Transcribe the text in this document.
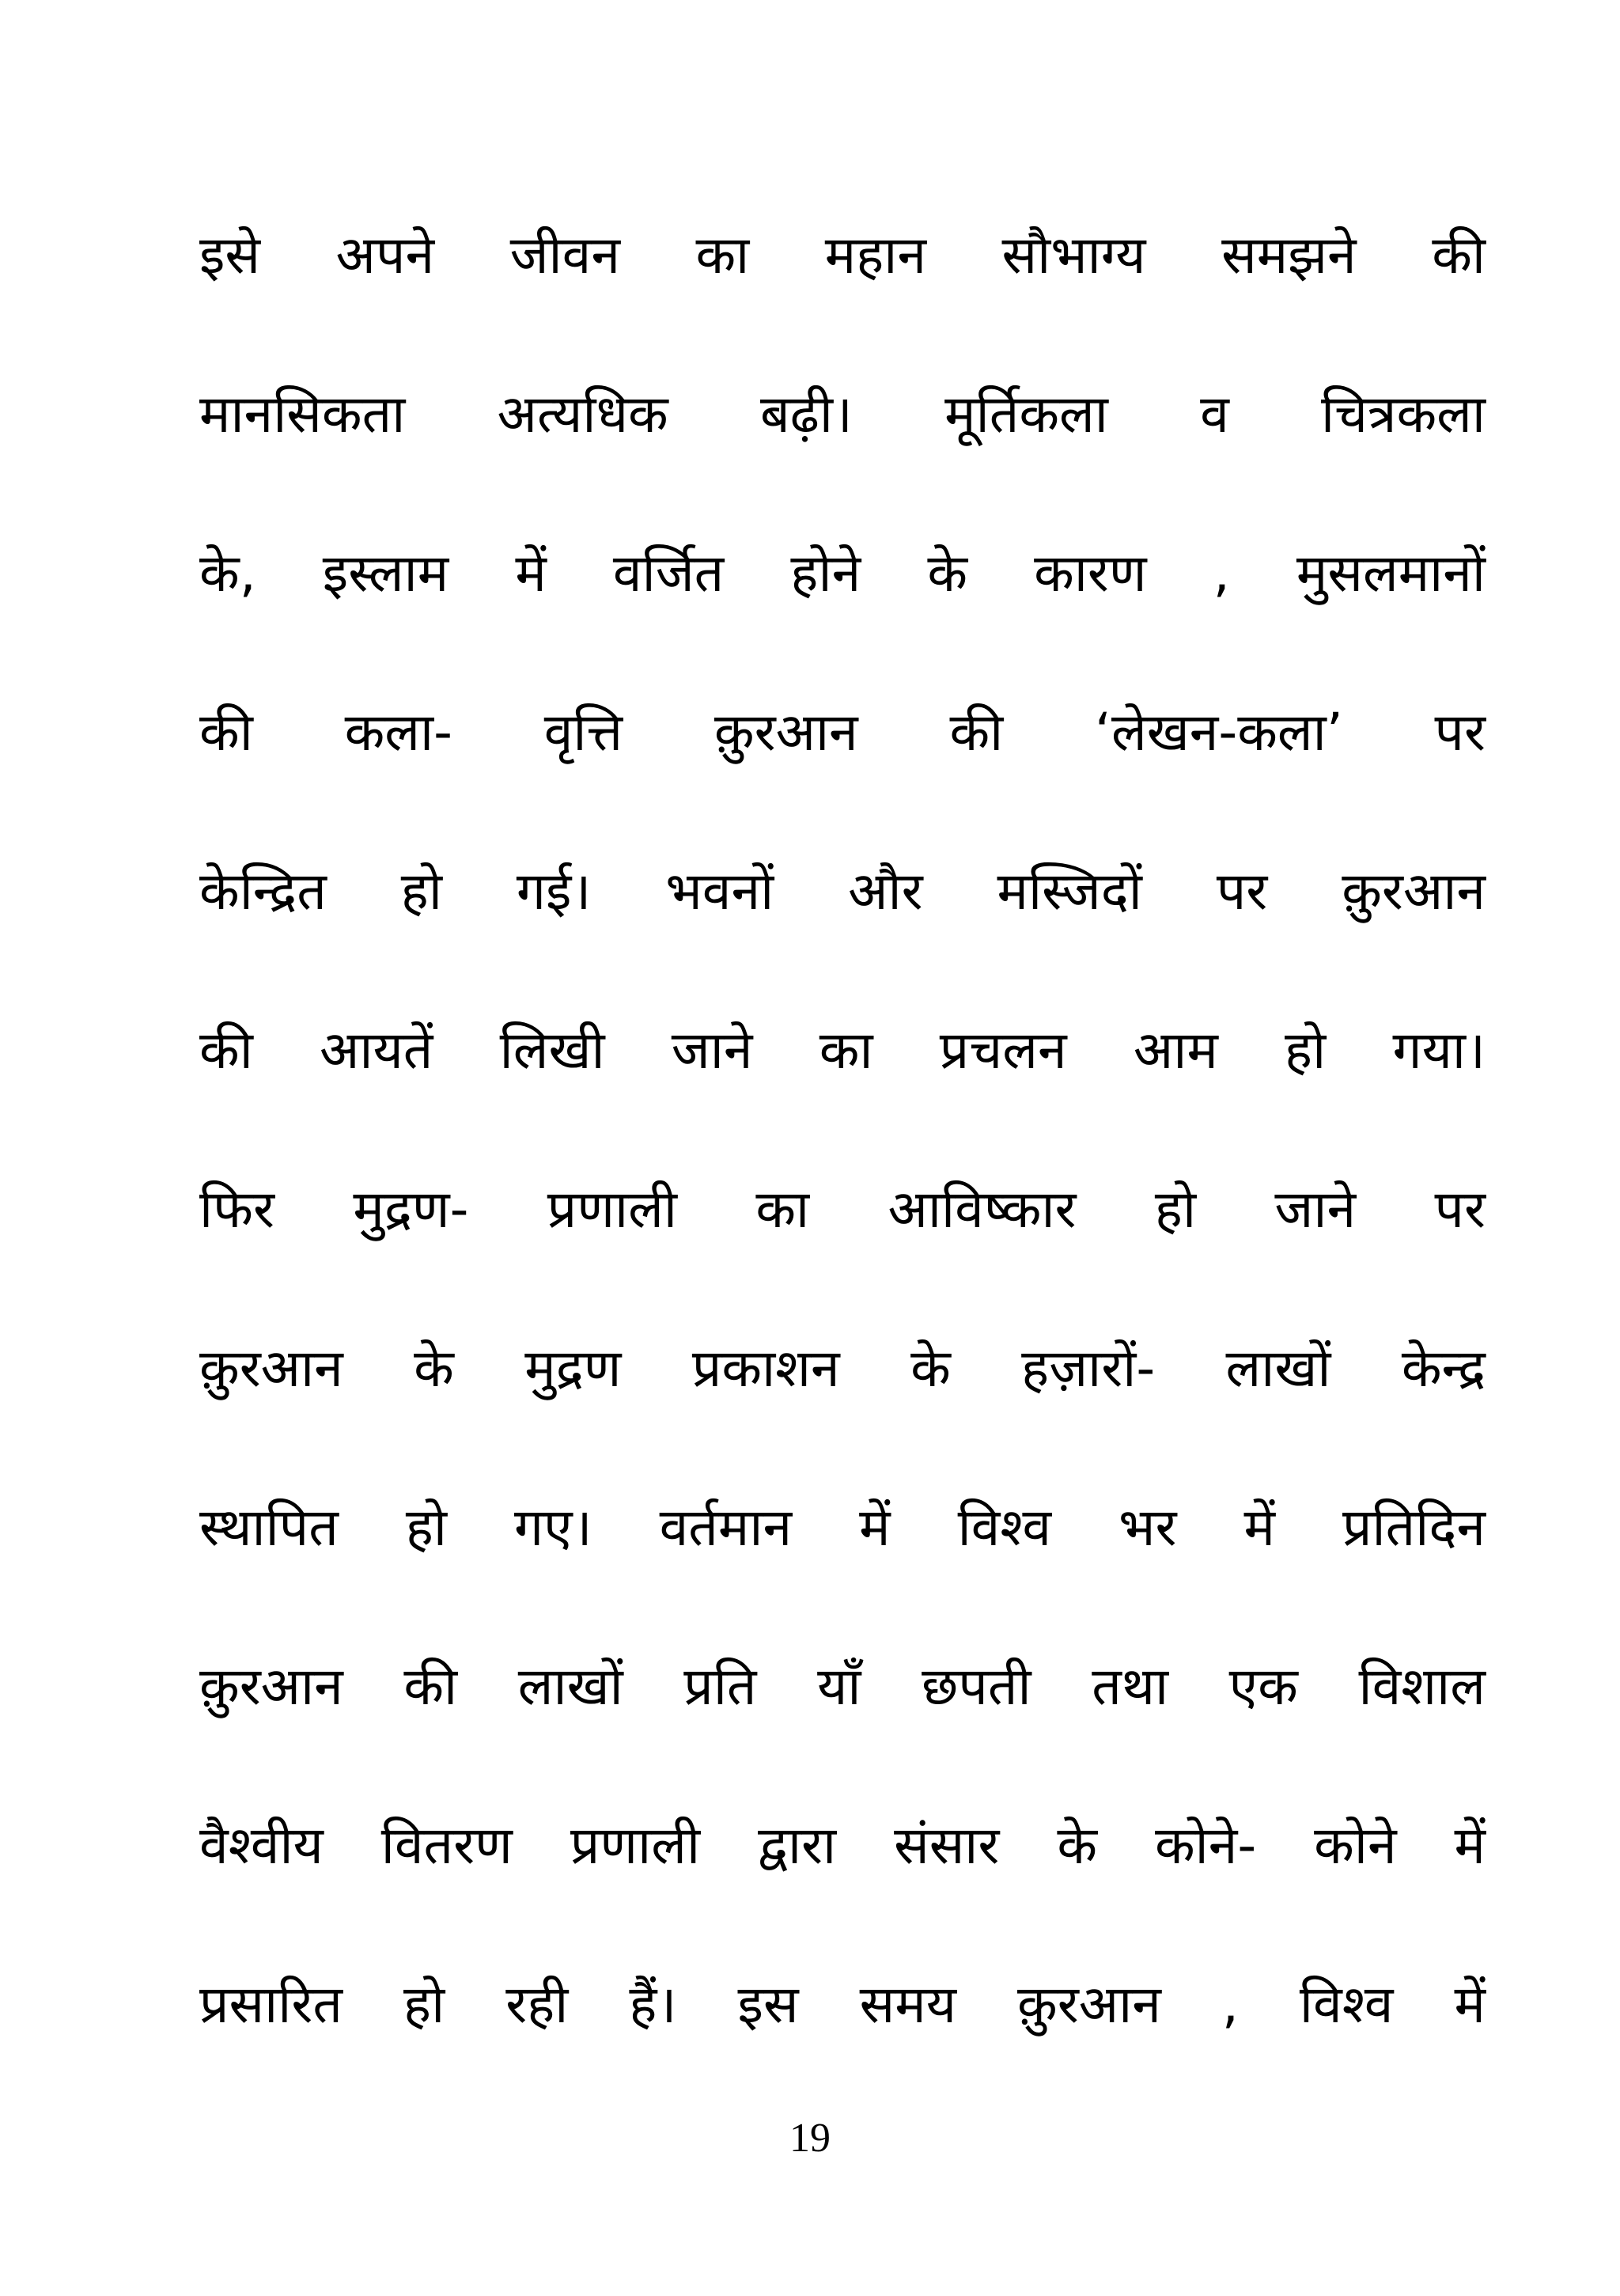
इसे अपने जीवन का महान सौभाग्य समझने की
मानसिकता अत्यधिक बढ़ी। मूर्तिकला व चित्रकला
के, इस्लाम में वर्जित होने के कारण , मुसलमानों
की कला- वृत्ति क़ुरआन की ‘लेखन-कला’ पर
केन्द्रित हो गई। भवनों और मस्जिदों पर क़ुरआन
की आयतें लिखी जाने का प्रचलन आम हो गया।
फिर मुद्रण- प्रणाली का आविष्कार हो जाने पर
क़ुरआन के मुद्रण प्रकाशन के हज़ारों- लाखों केन्द्र
स्थापित हो गए। वर्तमान में विश्व भर में प्रतिदिन
क़ुरआन की लाखों प्रति याँ छपती तथा एक विशाल
वैश्वीय वितरण प्रणाली द्वारा संसार के कोने- कोने में
प्रसारित हो रही हैं। इस समय क़ुरआन , विश्व में
19
